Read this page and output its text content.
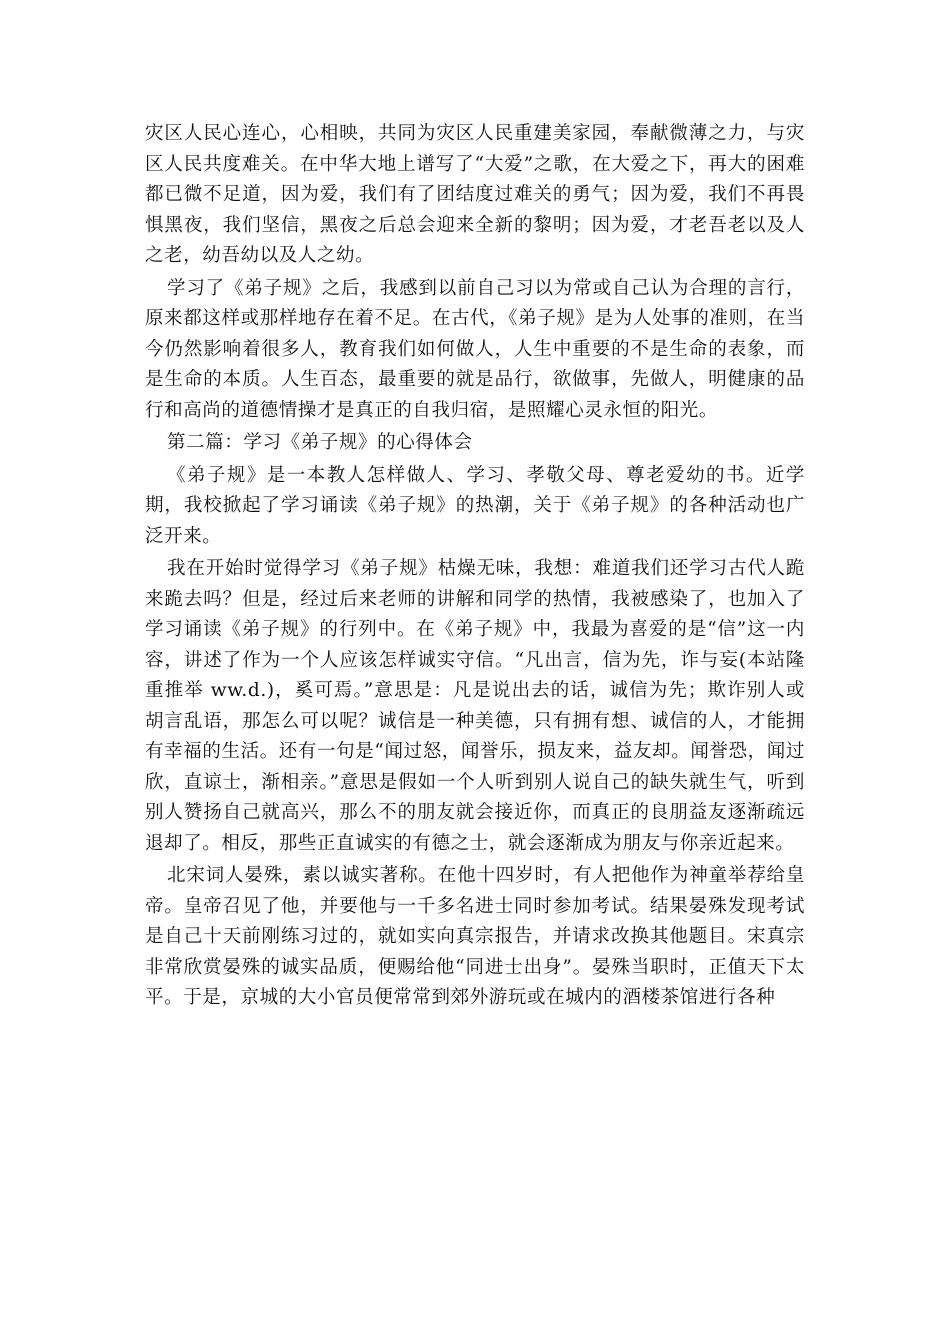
灾区人民心连心，心相映，共同为灾区人民重建美家园，奉献微薄之力，与灾区人民共度难关。在中华大地上谱写了“大爱”之歌，在大爱之下，再大的困难都已微不足道，因为爱，我们有了团结度过难关的勇气；因为爱，我们不再畏惧黑夜，我们坚信，黑夜之后总会迎来全新的黎明；因为爱，才老吾老以及人之老，幼吾幼以及人之幼。

学习了《弟子规》之后，我感到以前自己习以为常或自己认为合理的言行，原来都这样或那样地存在着不足。在古代，《弟子规》是为人处事的准则，在当今仍然影响着很多人，教育我们如何做人，人生中重要的不是生命的表象，而是生命的本质。人生百态，最重要的就是品行，欲做事，先做人，明健康的品行和高尚的道德情操才是真正的自我归宿，是照耀心灵永恒的阳光。

第二篇：学习《弟子规》的心得体会

《弟子规》是一本教人怎样做人、学习、孝敬父母、尊老爱幼的书。近学期，我校掀起了学习诵读《弟子规》的热潮，关于《弟子规》的各种活动也广泛开来。

我在开始时觉得学习《弟子规》枯燥无味，我想：难道我们还学习古代人跪来跪去吗？但是，经过后来老师的讲解和同学的热情，我被感染了，也加入了学习诵读《弟子规》的行列中。在《弟子规》中，我最为喜爱的是“信”这一内容，讲述了作为一个人应该怎样诚实守信。“凡出言，信为先，诈与妄(本站隆重推举 ww.d.)，奚可焉。”意思是：凡是说出去的话，诚信为先；欺诈别人或胡言乱语，那怎么可以呢？诚信是一种美德，只有拥有想、诚信的人，才能拥有幸福的生活。还有一句是“闻过怒，闻誉乐，损友来，益友却。闻誉恐，闻过欣，直谅士，渐相亲。”意思是假如一个人听到别人说自己的缺失就生气，听到别人赞扬自己就高兴，那么不的朋友就会接近你，而真正的良朋益友逐渐疏远退却了。相反，那些正直诚实的有德之士，就会逐渐成为朋友与你亲近起来。

北宋词人晏殊，素以诚实著称。在他十四岁时，有人把他作为神童举荐给皇帝。皇帝召见了他，并要他与一千多名进士同时参加考试。结果晏殊发现考试是自己十天前刚练习过的，就如实向真宗报告，并请求改换其他题目。宋真宗非常欣赏晏殊的诚实品质，便赐给他“同进士出身”。晏殊当职时，正值天下太平。于是，京城的大小官员便常常到郊外游玩或在城内的酒楼茶馆进行各种
